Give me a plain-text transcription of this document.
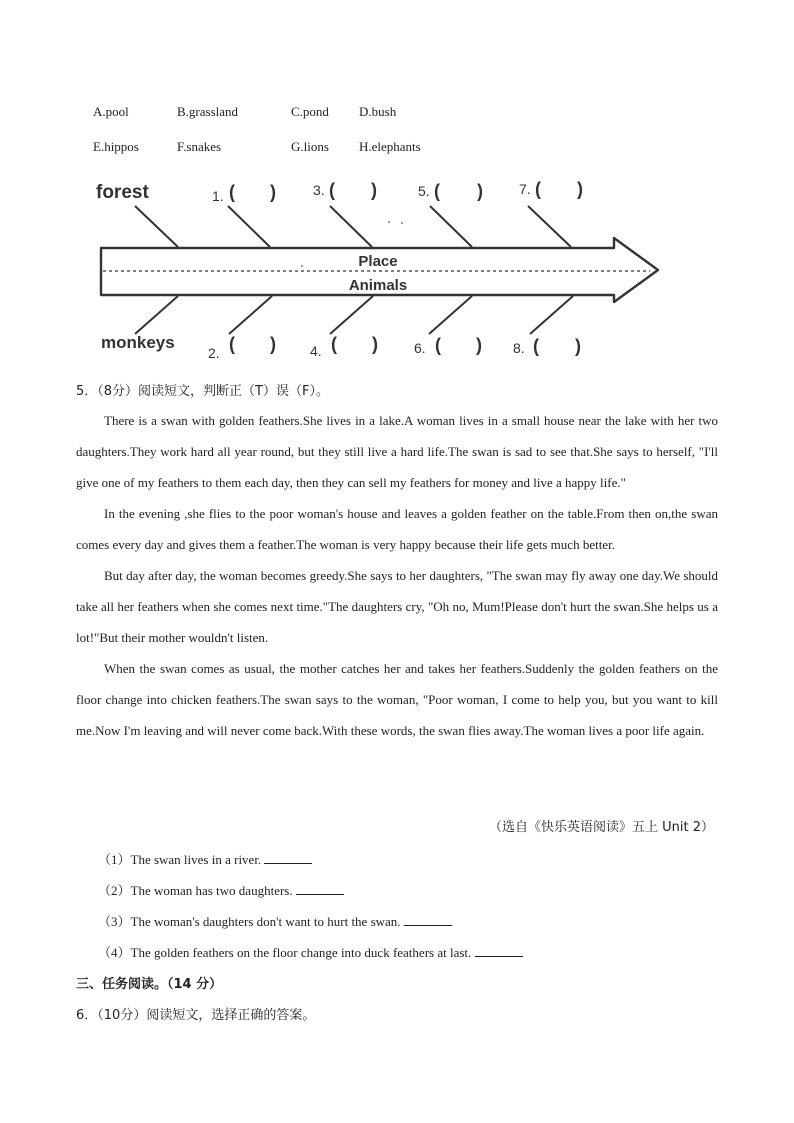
A.pool	B.grassland	C.pond D.bush
E.hippos	F.snakes	G.lions H.elephants
Place
Animals
forest
monkeys
1. ( )	3. ( )	5. ( )	7. ( )
2. ( ) 4. ( )	6. ( ) 8. ( )
5．（8分）阅读短文，判断正（T）误（F）。

There is a swan with golden feathers.She lives in a lake.A woman lives in a small house near the lake with her two daughters.They work hard all year round, but they still live a hard life.The swan is sad to see that.She says to herself, "I'll give one of my feathers to them each day, then they can sell my feathers for money and live a happy life."

In the evening ,she flies to the poor woman's house and leaves a golden feather on the table.From then on,the swan comes every day and gives them a feather.The woman is very happy because their life gets much better.

But day after day, the woman becomes greedy.She says to her daughters, "The swan may fly away one day.We should take all her feathers when she comes next time."The daughters cry, "Oh no, Mum!Please don't hurt the swan.She helps us a lot!"But their mother wouldn't listen.

When the swan comes as usual, the mother catches her and takes her feathers.Suddenly the golden feathers on the floor change into chicken feathers.The swan says to the woman, "Poor woman, I come to help you, but you want to kill me.Now I'm leaving and will never come back.With these words, the swan flies away.The woman lives a poor life again.

（选自《快乐英语阅读》五上 Unit 2）
（1）The swan lives in a river.
（2）The woman has two daughters.
（3）The woman's daughters don't want to hurt the swan.
（4）The golden feathers on the floor change into duck feathers at last.
三、任务阅读。（14 分）
6．（10分）阅读短文，选择正确的答案。
